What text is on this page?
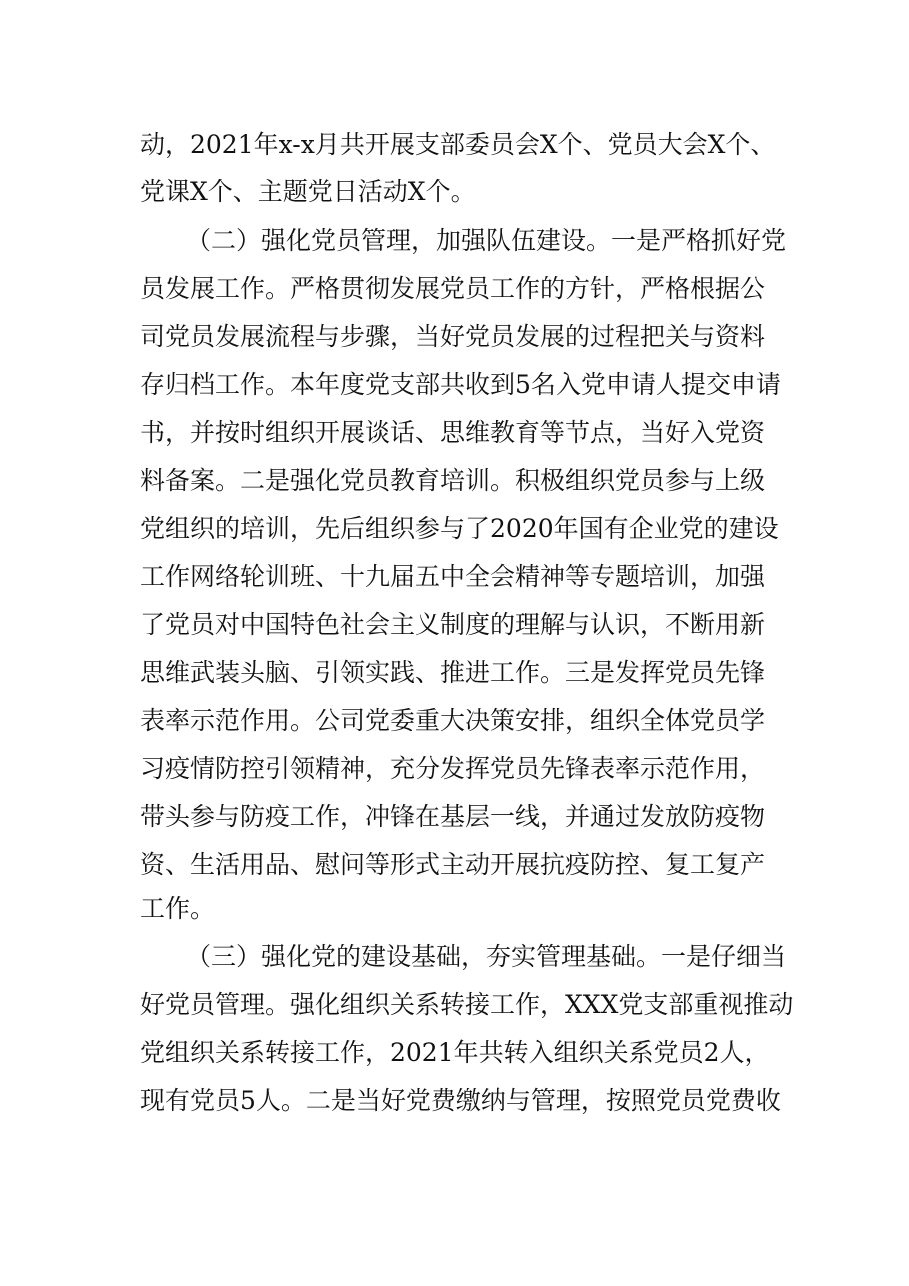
动，2021年x-x月共开展支部委员会X个、党员大会X个、
党课X个、主题党日活动X个。
（二）强化党员管理，加强队伍建设。一是严格抓好党
员发展工作。严格贯彻发展党员工作的方针，严格根据公
司党员发展流程与步骤，当好党员发展的过程把关与资料
存归档工作。本年度党支部共收到5名入党申请人提交申请
书，并按时组织开展谈话、思维教育等节点，当好入党资
料备案。二是强化党员教育培训。积极组织党员参与上级
党组织的培训，先后组织参与了2020年国有企业党的建设
工作网络轮训班、十九届五中全会精神等专题培训，加强
了党员对中国特色社会主义制度的理解与认识，不断用新
思维武装头脑、引领实践、推进工作。三是发挥党员先锋
表率示范作用。公司党委重大决策安排，组织全体党员学
习疫情防控引领精神，充分发挥党员先锋表率示范作用，
带头参与防疫工作，冲锋在基层一线，并通过发放防疫物
资、生活用品、慰问等形式主动开展抗疫防控、复工复产
工作。
（三）强化党的建设基础，夯实管理基础。一是仔细当
好党员管理。强化组织关系转接工作，XXX党支部重视推动
党组织关系转接工作，2021年共转入组织关系党员2人，
现有党员5人。二是当好党费缴纳与管理，按照党员党费收
